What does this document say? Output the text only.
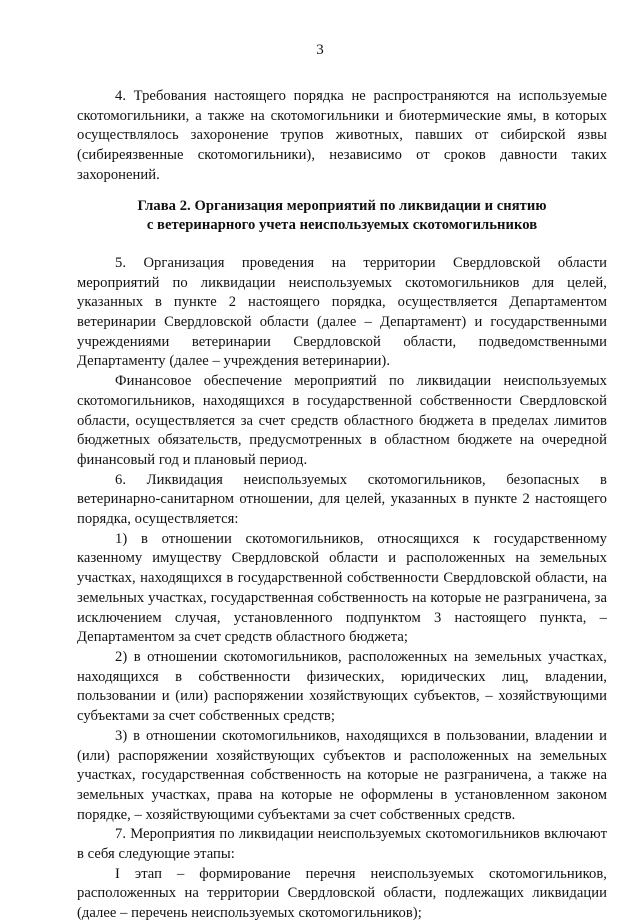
3

4. Требования настоящего порядка не распространяются на используемые скотомогильники, а также на скотомогильники и биотермические ямы, в которых осуществлялось захоронение трупов животных, павших от сибирской язвы (сибиреязвенные скотомогильники), независимо от сроков давности таких захоронений.

Глава 2. Организация мероприятий по ликвидации и снятию
с ветеринарного учета неиспользуемых скотомогильников

5. Организация проведения на территории Свердловской области мероприятий по ликвидации неиспользуемых скотомогильников для целей, указанных в пункте 2 настоящего порядка, осуществляется Департаментом ветеринарии Свердловской области (далее – Департамент) и государственными учреждениями ветеринарии Свердловской области, подведомственными Департаменту (далее – учреждения ветеринарии).

Финансовое обеспечение мероприятий по ликвидации неиспользуемых скотомогильников, находящихся в государственной собственности Свердловской области, осуществляется за счет средств областного бюджета в пределах лимитов бюджетных обязательств, предусмотренных в областном бюджете на очередной финансовый год и плановый период.

6. Ликвидация неиспользуемых скотомогильников, безопасных в ветеринарно-санитарном отношении, для целей, указанных в пункте 2 настоящего порядка, осуществляется:

1) в отношении скотомогильников, относящихся к государственному казенному имуществу Свердловской области и расположенных на земельных участках, находящихся в государственной собственности Свердловской области, на земельных участках, государственная собственность на которые не разграничена, за исключением случая, установленного подпунктом 3 настоящего пункта, – Департаментом за счет средств областного бюджета;

2) в отношении скотомогильников, расположенных на земельных участках, находящихся в собственности физических, юридических лиц, владении, пользовании и (или) распоряжении хозяйствующих субъектов, – хозяйствующими субъектами за счет собственных средств;

3) в отношении скотомогильников, находящихся в пользовании, владении и (или) распоряжении хозяйствующих субъектов и расположенных на земельных участках, государственная собственность на которые не разграничена, а также на земельных участках, права на которые не оформлены в установленном законом порядке, – хозяйствующими субъектами за счет собственных средств.

7. Мероприятия по ликвидации неиспользуемых скотомогильников включают в себя следующие этапы:

I этап – формирование перечня неиспользуемых скотомогильников, расположенных на территории Свердловской области, подлежащих ликвидации (далее – перечень неиспользуемых скотомогильников);
